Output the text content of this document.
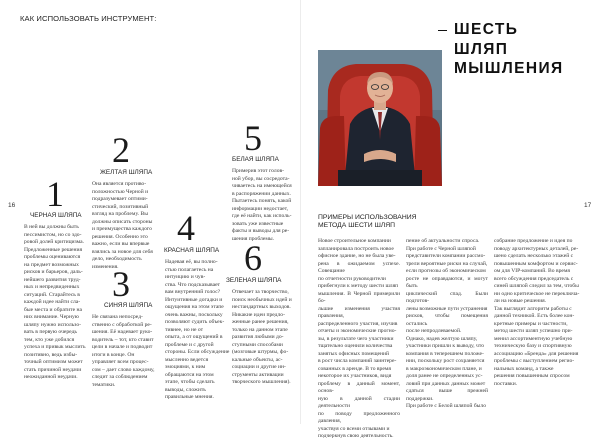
КАК ИСПОЛЬЗОВАТЬ ИНСТРУМЕНТ:
16	17
ШЕСТЬ
ШЛЯП
МЫШЛЕНИЯ
1
ЧЕРНАЯ ШЛЯПА
В ней вы должны быть
пессимистом, но со здо-
ровой долей критицизма.
Предложенные решения
проблемы оцениваются
на предмет возможных
рисков и барьеров, даль-
нейшего развития труд-
ных и непредвиденных
ситуаций. Старайтесь в
каждой идее найти сла-
бые места и обратите на
них внимание. Черную
шляпу нужно использо-
вать в первую очередь
тем, кто уже добился
успеха и привык мыслить
позитивно, ведь избы-
точный оптимизм может
стать причиной неудачи
неожиданной неудачи.
2
ЖЕЛТАЯ ШЛЯПА
Она является противо-
положностью Черной и
подразумевает оптими-
стический, позитивный
взгляд на проблему. Вы
должны описать стороны
и преимущества каждого
решения. Особенно это
важно, если вы впервые
взялись за новое для себя
дело, необходимость
изменения.
3
СИНЯЯ ШЛЯПА
Не связана непосред-
ственно с обработкой ре-
шения. Её надевает руко-
водитель – тот, кто ставит
цели в начале и подводит
итоги в конце. Он
управляет всем процес-
сом – дает слово каждому,
следит за соблюдением
тематики.
4
КРАСНАЯ ШЛЯПА
Надевая её, вы полно-
стью полагаетесь на
интуицию и чув-
ства. Что подсказывает
вам внутренний голос?
Интуитивные догадки и
ощущения на этом этапе
очень важны, поскольку
позволяют судить объек-
тивнее, но не от
опыта, а от ощущений в
проблеме и с другой
стороны. Если обсуждение
мысленно ведется
эмоциями, к ним
обращаются на этом
этапе, чтобы сделать
выводы, сложить
правильные мнения.
5
БЕЛАЯ ШЛЯПА
Примерив этот голов-
ной убор, вы сосредота-
чиваетесь на имеющейся
в распоряжении данных.
Пытаетесь понять, какой
информации недостает,
где её найти, как исполь-
зовать уже известные
факты и выводы для ре-
шения проблемы.
6
ЗЕЛЕНАЯ ШЛЯПА
Отвечает за творчество,
поиск необычных идей и
нестандартных выходов.
Никакие идеи предло-
женные ранее решения,
только на данном этапе
развития любыми до-
ступными способами
(мозговые штурмы, фо-
кальные объекты, ас-
социации и другие ин-
струменты активации
творческого мышления).
ПРИМЕРЫ ИСПОЛЬЗОВАНИЯ
МЕТОДА ШЕСТИ ШЛЯП
Новое строительное компании
запланировала построить новое
офисное здание, но не была уве-
рена в ожидаемом успехе. Совещание
по отчетности руководители
прибегнули к методу шести шляп
мышления. В Черной примерили бо-
льшие изменения участия правления,
распределенного участия, изучив
отчеты и экономические прогно-
зы, в результате чего участники
тщательно оценили количества
занятых офисных помещений
в рост числа компаний заинтере-
сованных в аренде. В то время
некоторое их участников, видя
проблему в данный момент, основ-
ную в данной стадии деятельности
по поводу предложенного давления,
участвуя со всеми отзывами и
подчеркнув свою деятельность.
пение об актуальности спроса.
При работе с Черной шляпой
представители компании рассмо-
трели вероятные риски на случай,
если прогнозы об экономическом
росте не оправдаются, и могут быть
циклический спад. Были подготов-
лены возможные пути устранения
рисков, чтобы помещения остались
после непродлеваемой.
Однако, надев желтую шляпу,
участники пришли к выводу, что
компания в теперешнем положе-
нии, поскольку рост сохраняется
в макроэкономическом плане, и
доля ранее не определенных ус-
ловий при данных данных может
сдаться выше прежней поддержки.
При работе с Белой шляпой было
собрание предложение и идея по
поводу архитектурных деталей, ре-
шено сделать несколько этажей с
повышенным комфортом и сервис-
ом для VIP-компаний. Во время
всего обсуждения председатель с
синей шляпой следил за тем, чтобы
ни одно критическое не переключа-
ли на новые решения.
Так выглядит алгоритм работы с
данной техникой. Есть более кон-
кретные примеры и частности,
метод шести шляп успешно при-
менил ассортиментную учебную
техническую базу и спортивную
ассоциацию «Бренда» для решения
проблемы с выступлением регио-
нальных команд, а также
решения повышенным спросом
поставки.
